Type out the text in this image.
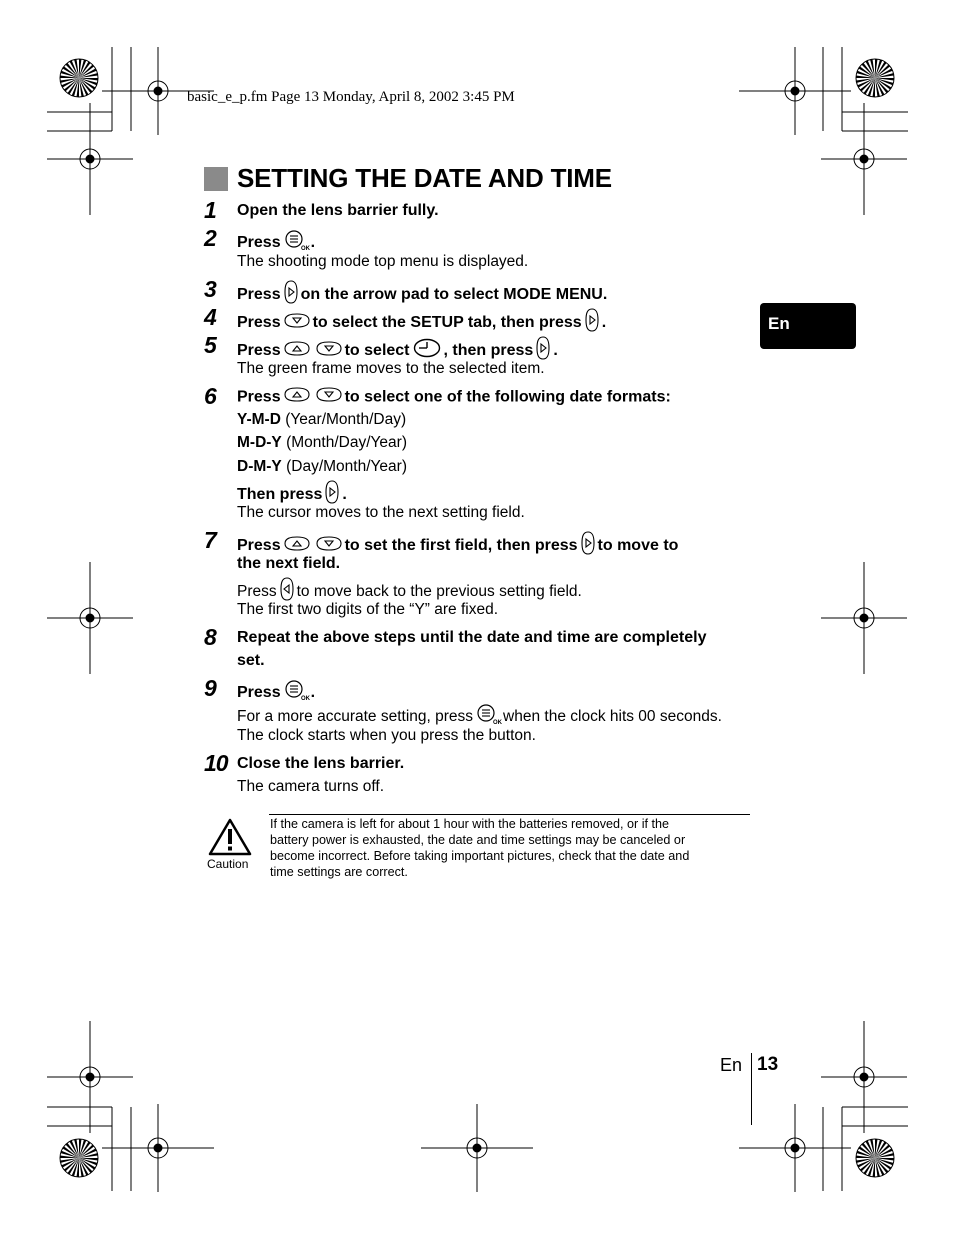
basic_e_p.fm Page 13 Monday, April 8, 2002 3:45 PM
SETTING THE DATE AND TIME
En
1 Open the lens barrier fully.
2 Press	OK .
The shooting mode top menu is displayed.
3 Press on the arrow pad to select MODE MENU.
4 Press to select the SETUP tab, then press .
5 Press	to select , then press .
The green frame moves to the selected item.
6 Press	to select one of the following date formats:
Y-M-D (Year/Month/Day)
M-D-Y (Month/Day/Year)
D-M-Y (Day/Month/Year)
Then press .
The cursor moves to the next setting field.
7 Press	to set the first field, then press to move to
the next field.
Press to move back to the previous setting field.
The first two digits of the “Y” are fixed.
8 Repeat the above steps until the date and time are completely
set.
9 Press	OK .
For a more accurate setting, press	OK when the clock hits 00 seconds.
The clock starts when you press the button.
10 Close the lens barrier.
The camera turns off.
Caution
If the camera is left for about 1 hour with the batteries removed, or if the
battery power is exhausted, the date and time settings may be canceled or
become incorrect. Before taking important pictures, check that the date and
time settings are correct.
En 13
